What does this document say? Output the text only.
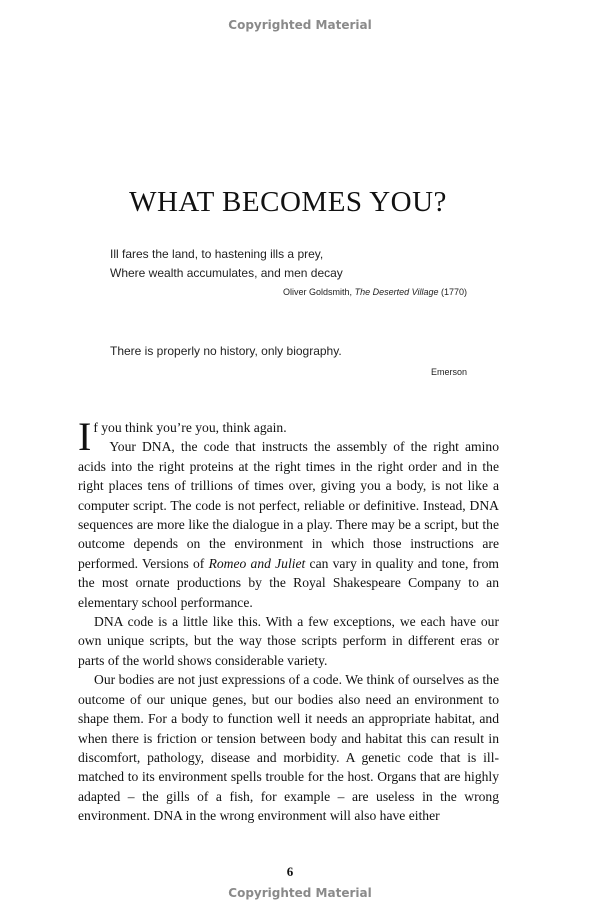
Copyrighted Material
WHAT BECOMES YOU?
Ill fares the land, to hastening ills a prey,
Where wealth accumulates, and men decay
Oliver Goldsmith, The Deserted Village (1770)
There is properly no history, only biography.
Emerson

If you think you’re you, think again.

Your DNA, the code that instructs the assembly of the right amino acids into the right proteins at the right times in the right order and in the right places tens of trillions of times over, giving you a body, is not like a computer script. The code is not perfect, reliable or definitive. Instead, DNA sequences are more like the dialogue in a play. There may be a script, but the outcome depends on the environment in which those instructions are performed. Versions of Romeo and Juliet can vary in quality and tone, from the most ornate productions by the Royal Shakespeare Company to an elementary school performance.

DNA code is a little like this. With a few exceptions, we each have our own unique scripts, but the way those scripts perform in different eras or parts of the world shows considerable variety.

Our bodies are not just expressions of a code. We think of ourselves as the outcome of our unique genes, but our bodies also need an environment to shape them. For a body to function well it needs an appropriate habitat, and when there is friction or tension between body and habitat this can result in discomfort, pathology, disease and morbidity. A genetic code that is ill-matched to its environment spells trouble for the host. Organs that are highly adapted – the gills of a fish, for example – are useless in the wrong environment. DNA in the wrong environment will also have either

6
Copyrighted Material
